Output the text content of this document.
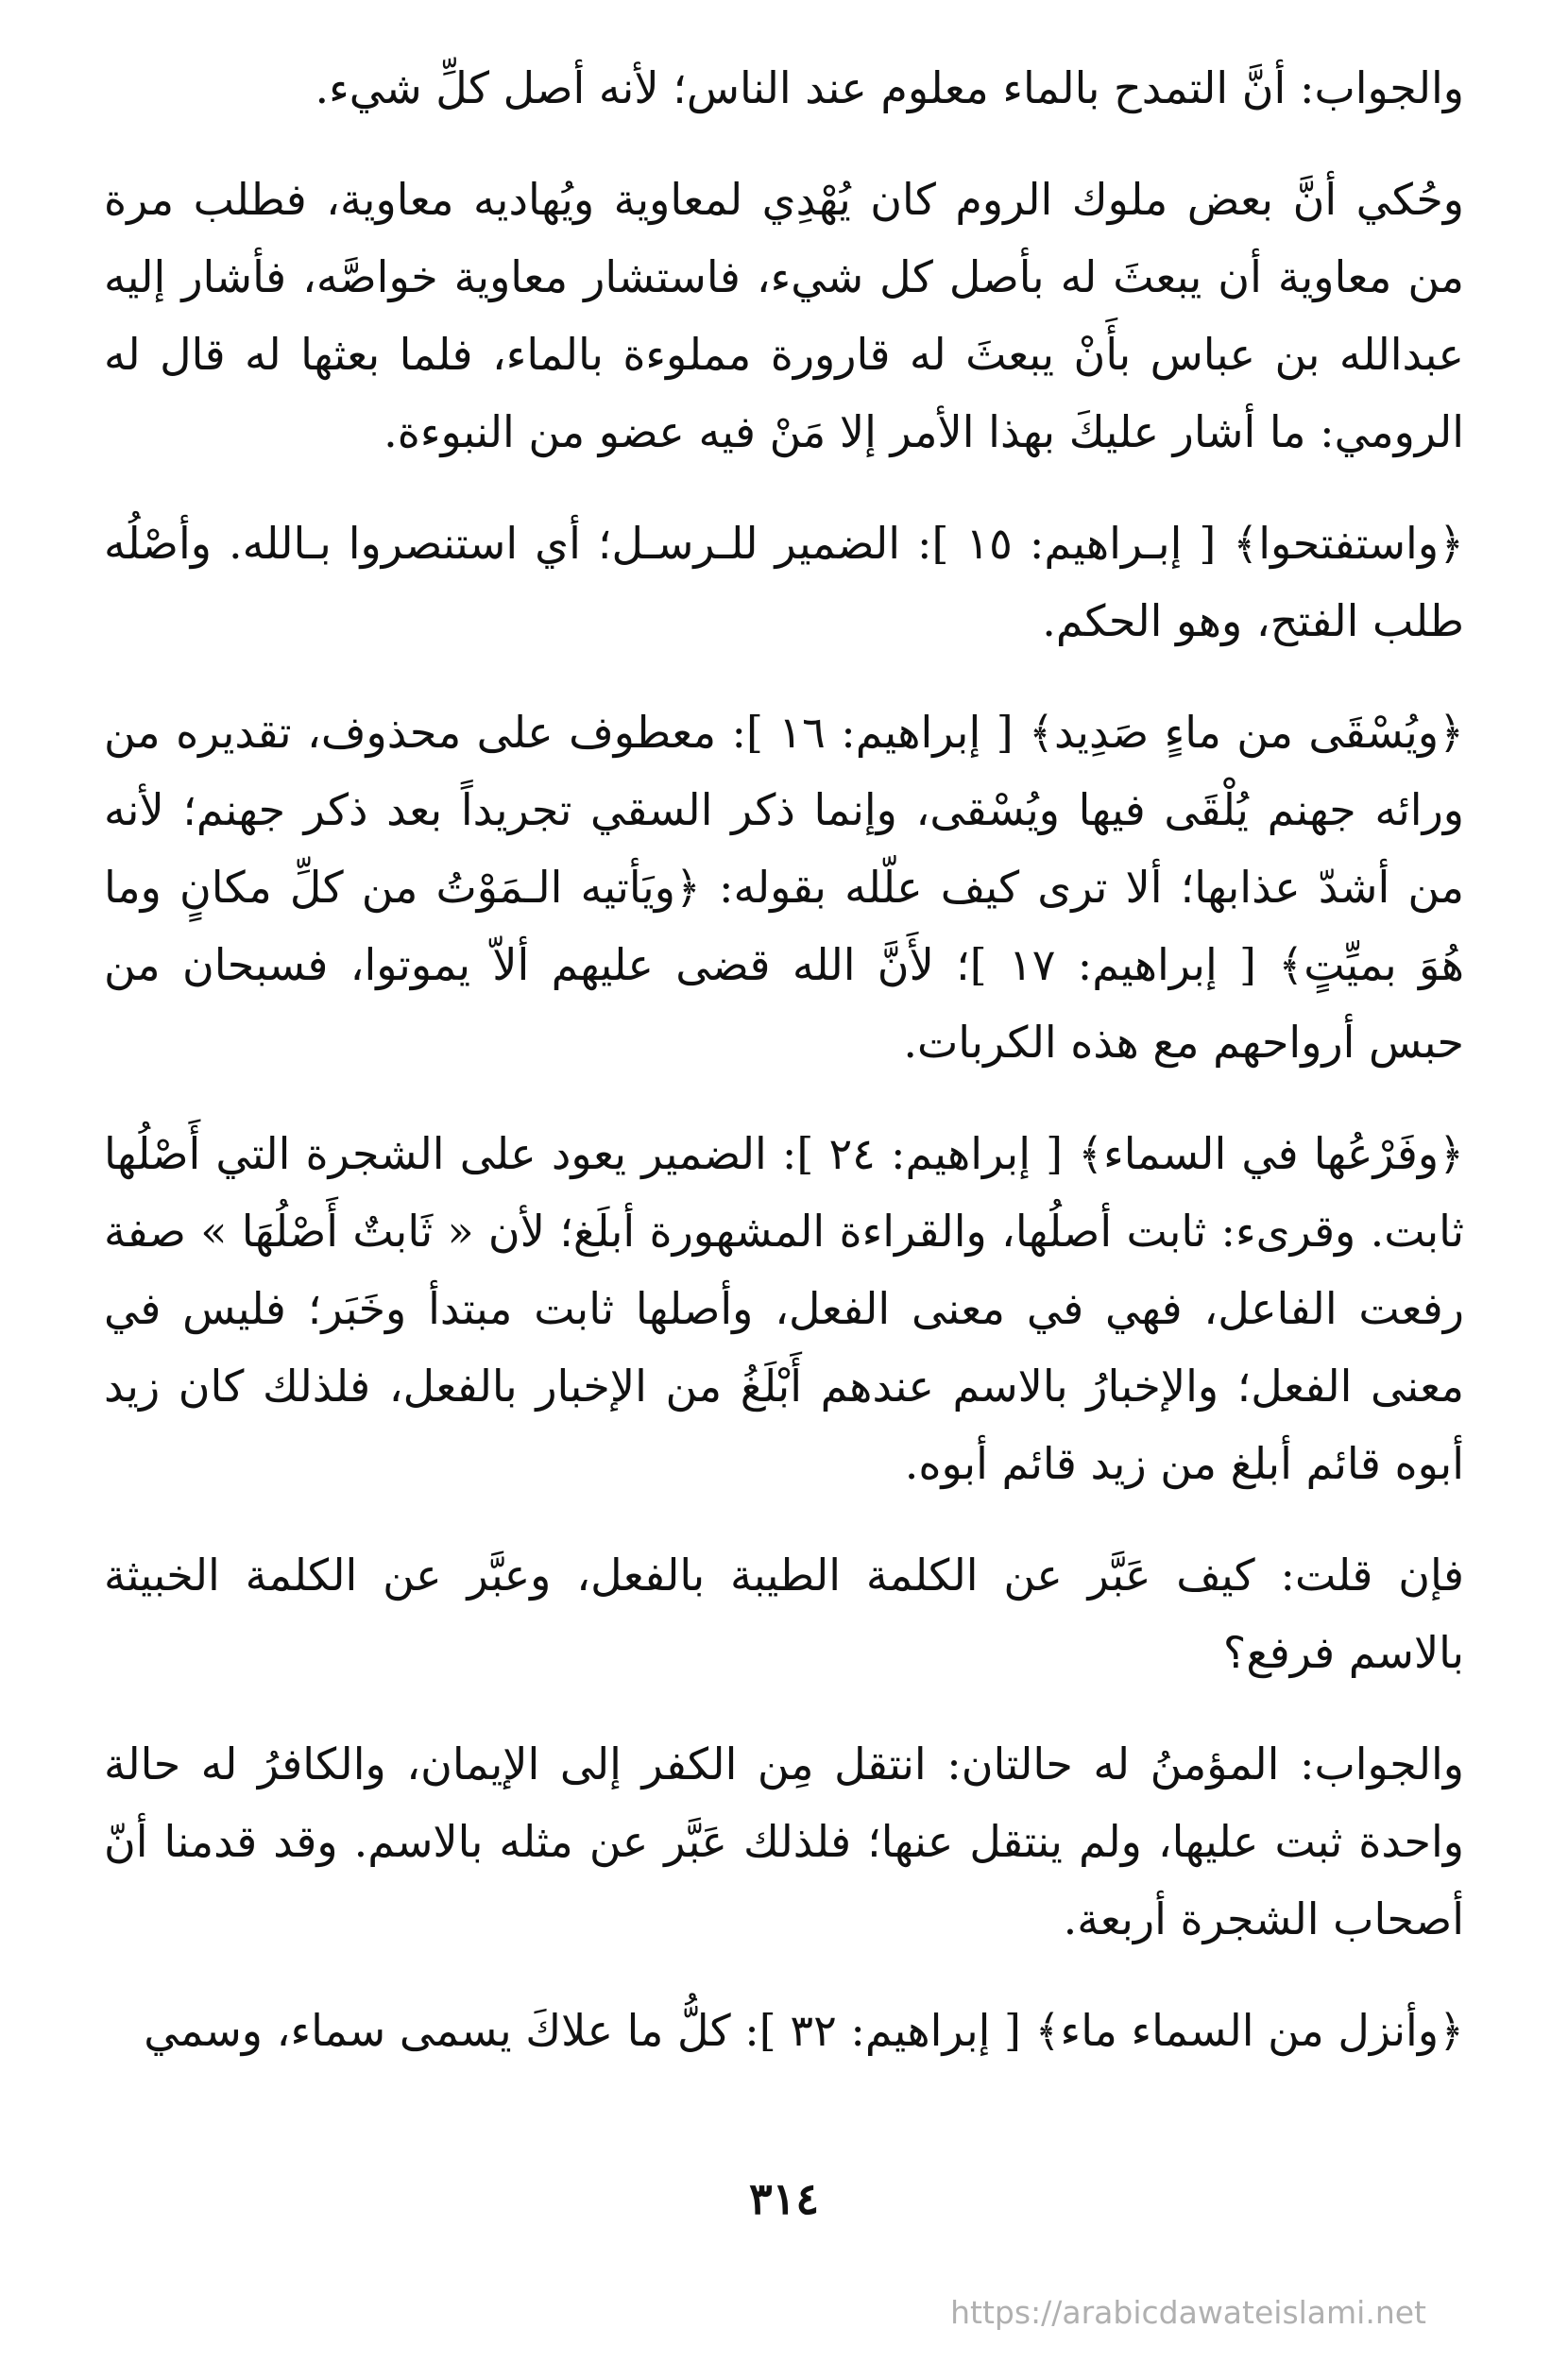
والجواب: أنَّ التمدح بالماء معلوم عند الناس؛ لأنه أصل كلِّ شيء.

وحُكي أنَّ بعض ملوك الروم كان يُهْدِي لمعاوية ويُهاديه معاوية، فطلب مرة من معاوية أن يبعثَ له بأصل كل شيء، فاستشار معاوية خواصَّه، فأشار إليه عبدالله بن عباس بأَنْ يبعثَ له قارورة مملوءة بالماء، فلما بعثها له قال له الرومي: ما أشار عليكَ بهذا الأمر إلا مَنْ فيه عضو من النبوءة.

﴿واستفتحوا﴾ [ إبـراهيم: ١٥ ]: الضمير للـرسـل؛ أي استنصروا بـالله. وأصْلُه طلب الفتح، وهو الحكم.

﴿ويُسْقَى من ماءٍ صَدِيد﴾ [ إبراهيم: ١٦ ]: معطوف على محذوف، تقديره من ورائه جهنم يُلْقَى فيها ويُسْقى، وإنما ذكر السقي تجريداً بعد ذكر جهنم؛ لأنه من أشدّ عذابها؛ ألا ترى كيف علّله بقوله: ﴿ويَأتيه الـمَوْتُ من كلِّ مكانٍ وما هُوَ بميِّتٍ﴾ [ إبراهيم: ١٧ ]؛ لأَنَّ الله قضى عليهم ألاّ يموتوا، فسبحان من حبس أرواحهم مع هذه الكربات.

﴿وفَرْعُها في السماء﴾ [ إبراهيم: ٢٤ ]: الضمير يعود على الشجرة التي أَصْلُها ثابت. وقرىء: ثابت أصلُها، والقراءة المشهورة أبلَغ؛ لأن « ثَابتٌ أَصْلُهَا » صفة رفعت الفاعل، فهي في معنى الفعل، وأصلها ثابت مبتدأ وخَبَر؛ فليس في معنى الفعل؛ والإخبارُ بالاسم عندهم أَبْلَغُ من الإخبار بالفعل، فلذلك كان زيد أبوه قائم أبلغ من زيد قائم أبوه.

فإن قلت: كيف عَبَّر عن الكلمة الطيبة بالفعل، وعبَّر عن الكلمة الخبيثة بالاسم فرفع؟

والجواب: المؤمنُ له حالتان: انتقل مِن الكفر إلى الإيمان، والكافرُ له حالة واحدة ثبت عليها، ولم ينتقل عنها؛ فلذلك عَبَّر عن مثله بالاسم. وقد قدمنا أنّ أصحاب الشجرة أربعة.

﴿وأنزل من السماء ماء﴾ [ إبراهيم: ٣٢ ]: كلُّ ما علاكَ يسمى سماء، وسمي

٣١٤
https://arabicdawateislami.net
